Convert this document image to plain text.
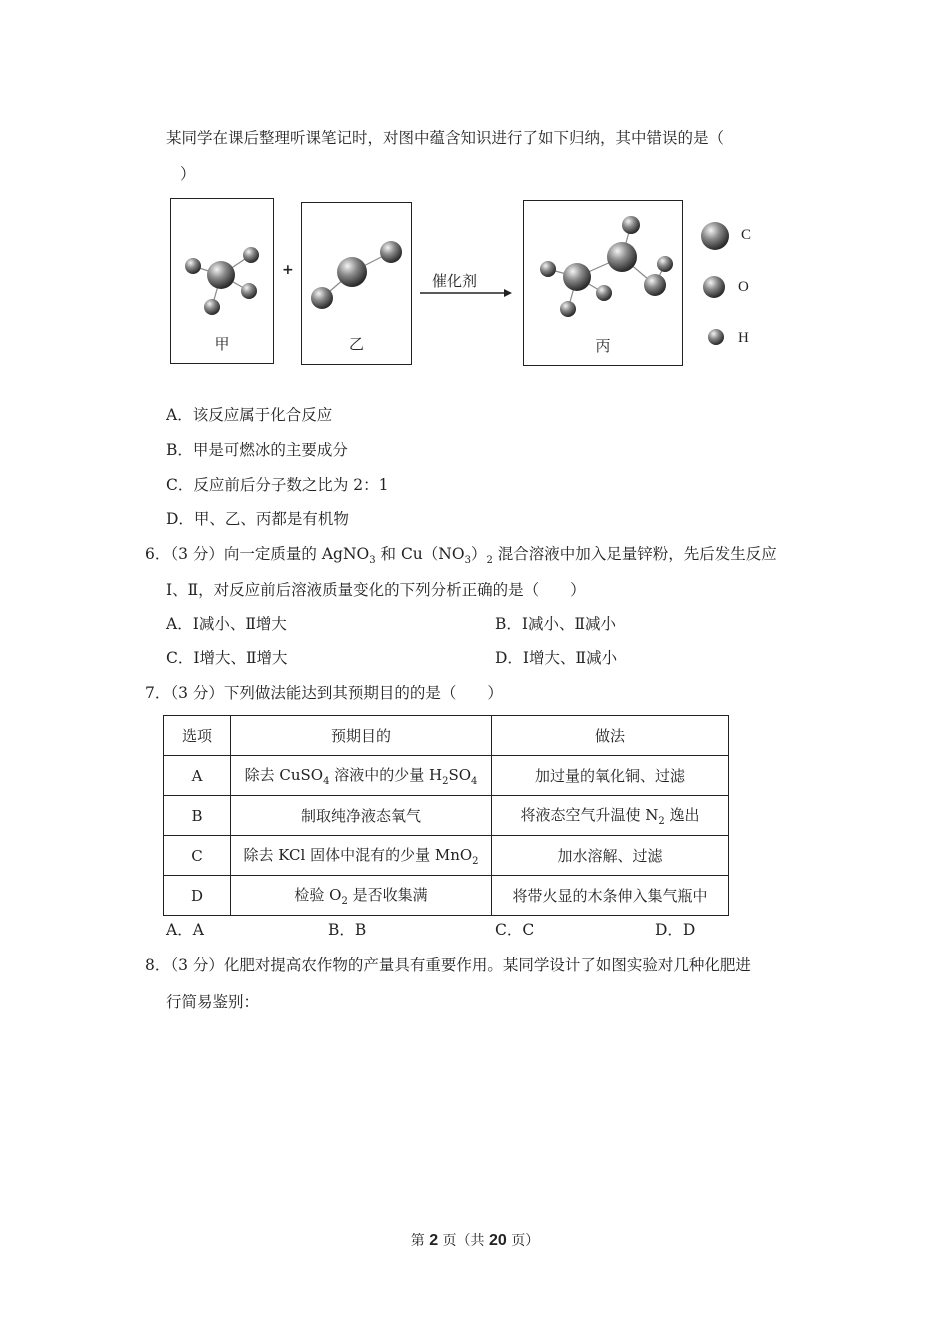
某同学在课后整理听课笔记时，对图中蕴含知识进行了如下归纳，其中错误的是（
）
甲
+
乙
催化剂
丙
C
O
H
A．该反应属于化合反应
B．甲是可燃冰的主要成分
C．反应前后分子数之比为 2：1
D．甲、乙、丙都是有机物
6．（3 分）向一定质量的 AgNO$_3$ 和 $Cu(NO_3)_2$ 混合溶液中加入足量锌粉，先后发生反应
Ⅰ、Ⅱ，对反应前后溶液质量变化的下列分析正确的是（　　）
A．Ⅰ减小、Ⅱ增大	B．Ⅰ减小、Ⅱ减小
C．Ⅰ增大、Ⅱ增大	D．Ⅰ增大、Ⅱ减小
7．（3 分）下列做法能达到其预期目的的是（　　）
选项	预期目的	做法
A	除去 CuSO$_4$ 溶液中的少量 $H_2SO_4$	加过量的氧化铜、过滤
B	制取纯净液态氧气	将液态空气升温使 $N_2$ 逸出
C	除去 KCl 固体中混有的少量 MnO$_2$	加水溶解、过滤
D	检验 $O_2$ 是否收集满	将带火显的木条伸入集气瓶中
A．A	B．B	C．C	D．D
8．（3 分）化肥对提高农作物的产量具有重要作用。某同学设计了如图实验对几种化肥进
行简易鉴别：
第 2 页（共 20 页）
